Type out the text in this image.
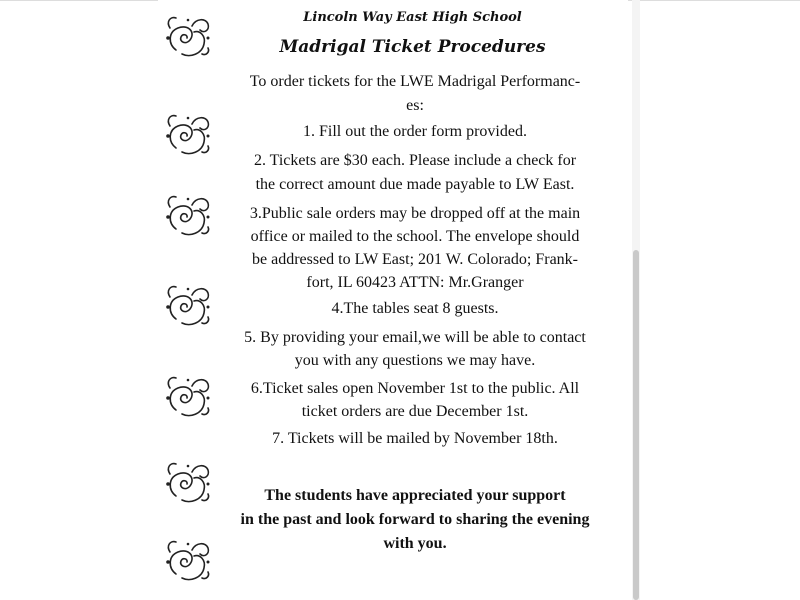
Lincoln Way East High School
Madrigal Ticket Procedures
To order tickets for the LWE Madrigal Performanc-
es:
1. Fill out the order form provided.
2. Tickets are $30 each. Please include a check for
the correct amount due made payable to LW East.
3.Public sale orders may be dropped off at the main
office or mailed to the school. The envelope should
be addressed to LW East; 201 W. Colorado; Frank-
fort, IL 60423 ATTN: Mr.Granger
4.The tables seat 8 guests.
5. By providing your email,we will be able to contact
you with any questions we may have.
6.Ticket sales open November 1st to the public. All
ticket orders are due December 1st.
7. Tickets will be mailed by November 18th.
The students have appreciated your support
in the past and look forward to sharing the evening
with you.
